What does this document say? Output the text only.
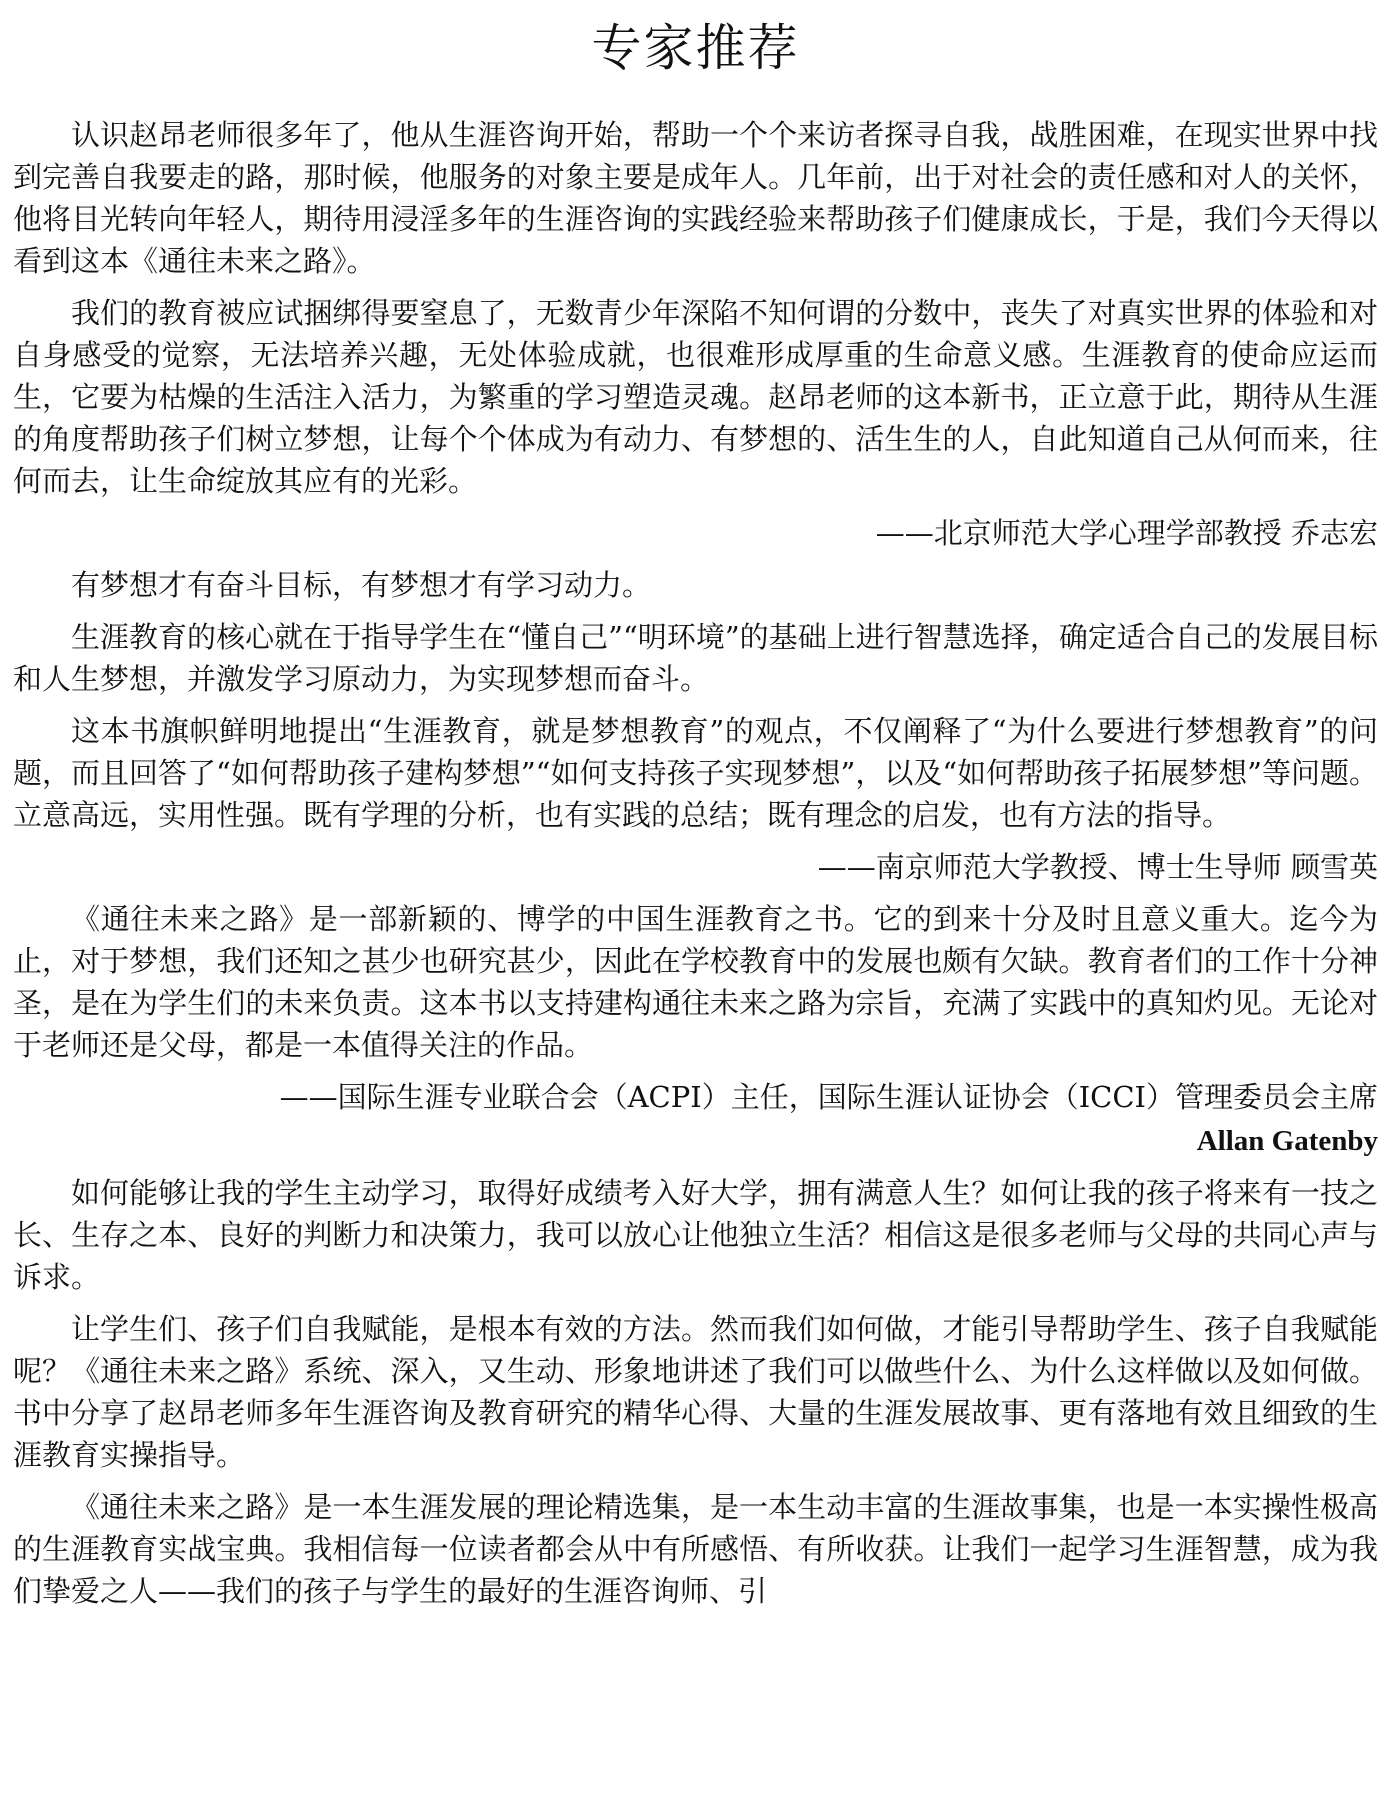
专家推荐

认识赵昂老师很多年了，他从生涯咨询开始，帮助一个个来访者探寻自我，战胜困难，在现实世界中找到完善自我要走的路，那时候，他服务的对象主要是成年人。几年前，出于对社会的责任感和对人的关怀，他将目光转向年轻人，期待用浸淫多年的生涯咨询的实践经验来帮助孩子们健康成长，于是，我们今天得以看到这本《通往未来之路》。

我们的教育被应试捆绑得要窒息了，无数青少年深陷不知何谓的分数中，丧失了对真实世界的体验和对自身感受的觉察，无法培养兴趣，无处体验成就，也很难形成厚重的生命意义感。生涯教育的使命应运而生，它要为枯燥的生活注入活力，为繁重的学习塑造灵魂。赵昂老师的这本新书，正立意于此，期待从生涯的角度帮助孩子们树立梦想，让每个个体成为有动力、有梦想的、活生生的人，自此知道自己从何而来，往何而去，让生命绽放其应有的光彩。

——北京师范大学心理学部教授 乔志宏

有梦想才有奋斗目标，有梦想才有学习动力。

生涯教育的核心就在于指导学生在“懂自己”“明环境”的基础上进行智慧选择，确定适合自己的发展目标和人生梦想，并激发学习原动力，为实现梦想而奋斗。

这本书旗帜鲜明地提出“生涯教育，就是梦想教育”的观点，不仅阐释了“为什么要进行梦想教育”的问题，而且回答了“如何帮助孩子建构梦想”“如何支持孩子实现梦想”，以及“如何帮助孩子拓展梦想”等问题。立意高远，实用性强。既有学理的分析，也有实践的总结；既有理念的启发，也有方法的指导。

——南京师范大学教授、博士生导师 顾雪英

《通往未来之路》是一部新颖的、博学的中国生涯教育之书。它的到来十分及时且意义重大。迄今为止，对于梦想，我们还知之甚少也研究甚少，因此在学校教育中的发展也颇有欠缺。教育者们的工作十分神圣，是在为学生们的未来负责。这本书以支持建构通往未来之路为宗旨，充满了实践中的真知灼见。无论对于老师还是父母，都是一本值得关注的作品。

——国际生涯专业联合会（ACPI）主任，国际生涯认证协会（ICCI）管理委员会主席

Allan Gatenby

如何能够让我的学生主动学习，取得好成绩考入好大学，拥有满意人生？如何让我的孩子将来有一技之长、生存之本、良好的判断力和决策力，我可以放心让他独立生活？相信这是很多老师与父母的共同心声与诉求。

让学生们、孩子们自我赋能，是根本有效的方法。然而我们如何做，才能引导帮助学生、孩子自我赋能呢？《通往未来之路》系统、深入，又生动、形象地讲述了我们可以做些什么、为什么这样做以及如何做。书中分享了赵昂老师多年生涯咨询及教育研究的精华心得、大量的生涯发展故事、更有落地有效且细致的生涯教育实操指导。

《通往未来之路》是一本生涯发展的理论精选集，是一本生动丰富的生涯故事集，也是一本实操性极高的生涯教育实战宝典。我相信每一位读者都会从中有所感悟、有所收获。让我们一起学习生涯智慧，成为我们挚爱之人——我们的孩子与学生的最好的生涯咨询师、引
